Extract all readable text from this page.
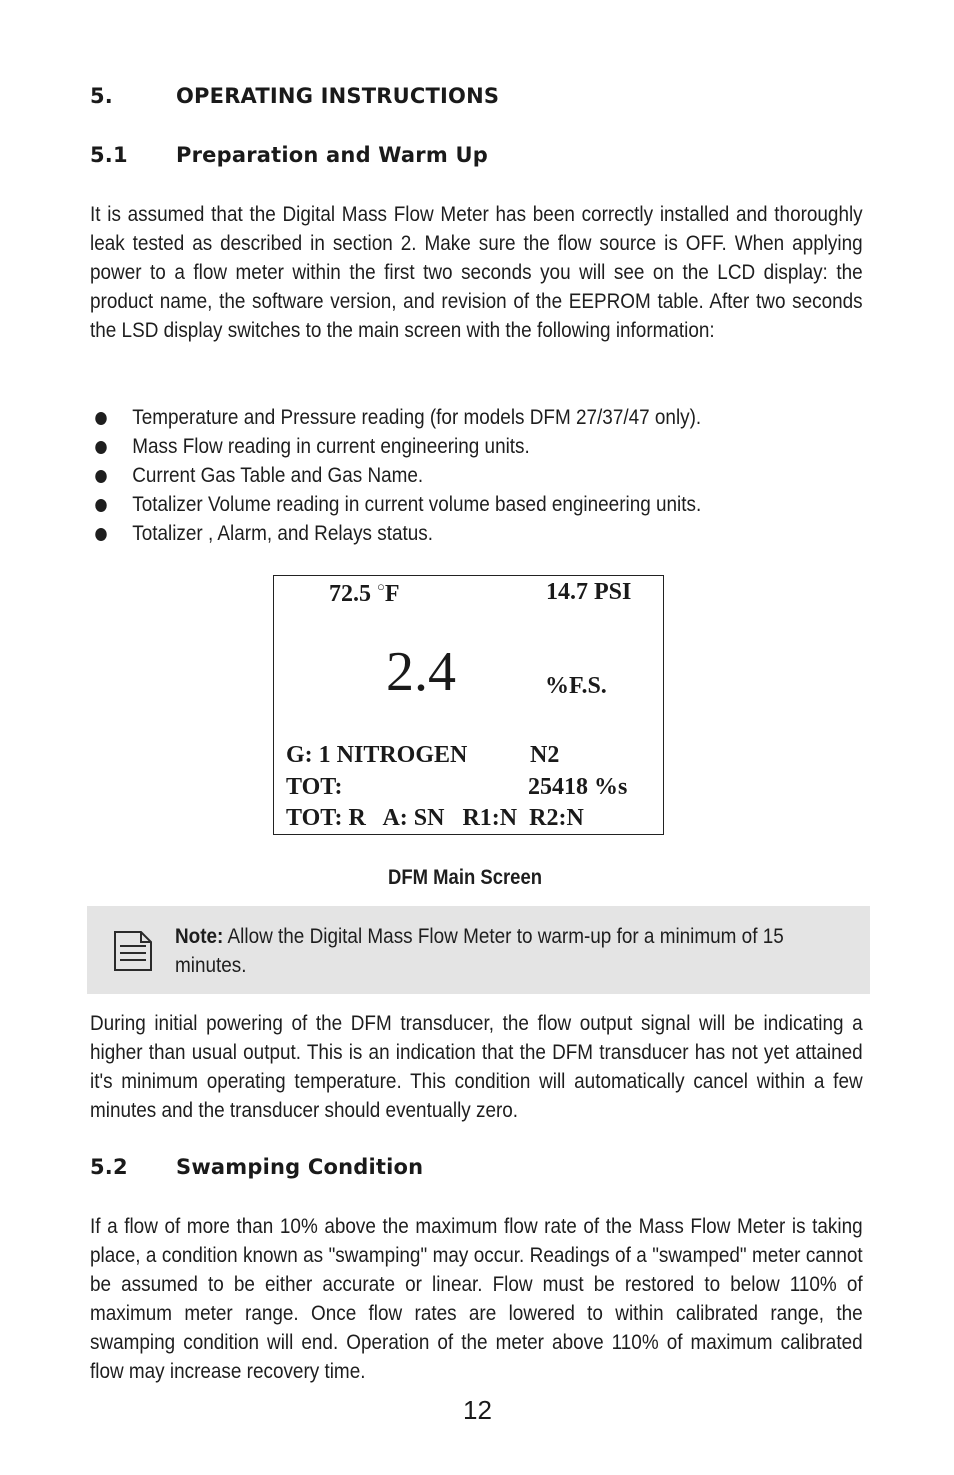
5.	OPERATING INSTRUCTIONS
5.1 Preparation and Warm Up

It is assumed that the Digital Mass Flow Meter has been correctly installed and thoroughly leak tested as described in section 2. Make sure the flow source is OFF. When applying power to a flow meter within the first two seconds you will see on the LCD display: the product name, the software version, and revision of the EEPROM table. After two seconds the LSD display switches to the main screen with the following information:

Temperature and Pressure reading (for models DFM 27/37/47 only).
Mass Flow reading in current engineering units.
Current Gas Table and Gas Name.
Totalizer Volume reading in current volume based engineering units.
Totalizer , Alarm, and Relays status.
72.5 ○F	14.7 PSI
2.4	%F.S.
G: 1 NITROGEN	N2
TOT:	25418 %s
TOT: R   A: SN   R1:N  R2:N
DFM Main Screen
Note: Allow the Digital Mass Flow Meter to warm-up for a minimum of 15 minutes.

During initial powering of the DFM transducer, the flow output signal will be indicating a higher than usual output. This is an indication that the DFM transducer has not yet attained it's minimum operating temperature. This condition will automatically cancel within a few minutes and the transducer should eventually zero.

5.2 Swamping Condition

If a flow of more than 10% above the maximum flow rate of the Mass Flow Meter is taking place, a condition known as "swamping" may occur. Readings of a "swamped" meter cannot be assumed to be either accurate or linear. Flow must be restored to below 110% of maximum meter range. Once flow rates are lowered to within calibrated range, the swamping condition will end. Operation of the meter above 110% of maximum calibrated flow may increase recovery time.

12
